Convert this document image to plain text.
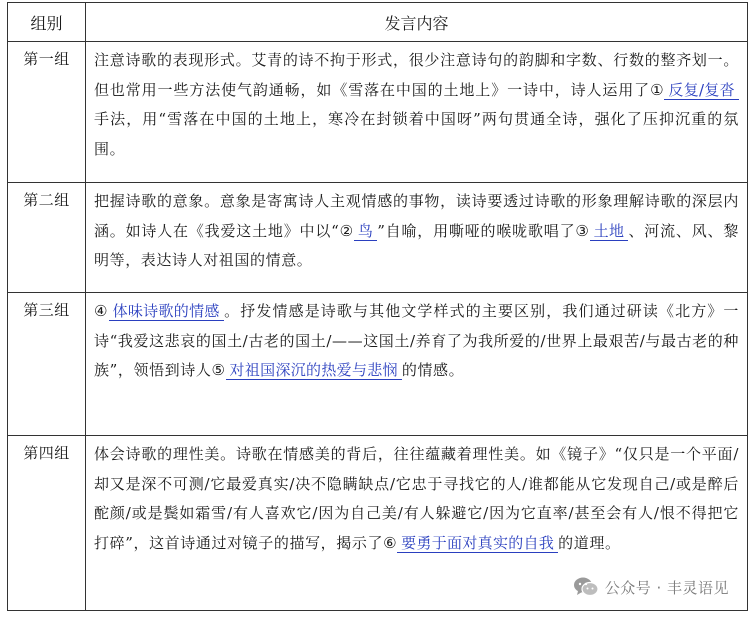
组别	发言内容
第一组	注意诗歌的表现形式。艾青的诗不拘于形式，很少注意诗句的韵脚和字数、行数的整齐划一。但也常用一些方法使气韵通畅，如《雪落在中国的土地上》一诗中，诗人运用了① 反复/复沓手法，用“雪落在中国的土地上，寒冷在封锁着中国呀”两句贯通全诗，强化了压抑沉重的氛围。
第二组	把握诗歌的意象。意象是寄寓诗人主观情感的事物，读诗要透过诗歌的形象理解诗歌的深层内涵。如诗人在《我爱这土地》中以“② 鸟 ”自喻，用嘶哑的喉咙歌唱了③ 土地 、河流、风、黎明等，表达诗人对祖国的情意。
第三组	④ 体味诗歌的情感 。抒发情感是诗歌与其他文学样式的主要区别，我们通过研读《北方》一诗“我爱这悲哀的国土/古老的国土/——这国土/养育了为我所爱的/世界上最艰苦/与最古老的种族”，领悟到诗人⑤ 对祖国深沉的热爱与悲悯 的情感。
第四组	体会诗歌的理性美。诗歌在情感美的背后，往往蕴藏着理性美。如《镜子》“仅只是一个平面/却又是深不可测/它最爱真实/决不隐瞒缺点/它忠于寻找它的人/谁都能从它发现自己/或是醉后酡颜/或是鬓如霜雪/有人喜欢它/因为自己美/有人躲避它/因为它直率/甚至会有人/恨不得把它打碎”，这首诗通过对镜子的描写，揭示了⑥ 要勇于面对真实的自我 的道理。
公众号 · 丰灵语见
